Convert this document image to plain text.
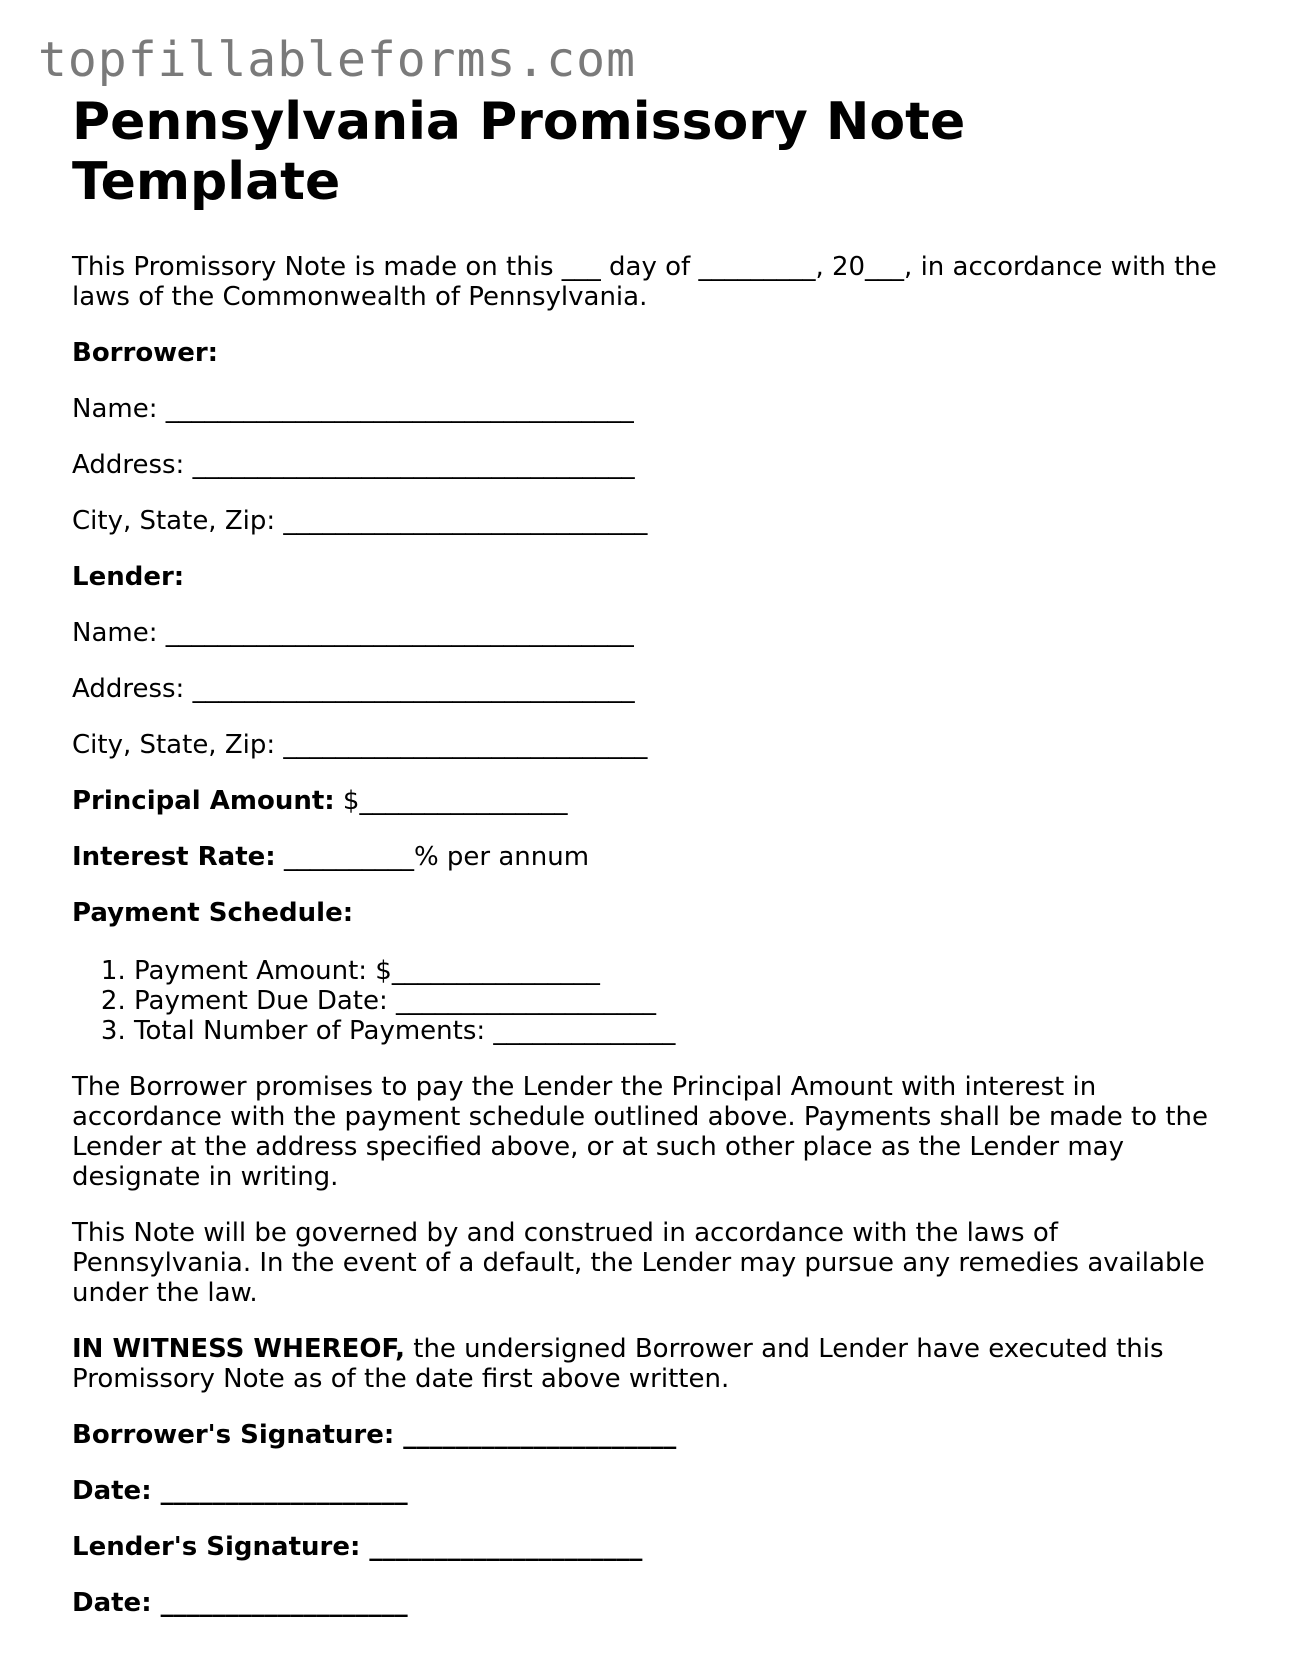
topfillableforms.com
Pennsylvania Promissory Note Template

This Promissory Note is made on this ___ day of _________, 20___, in accordance with the laws of the Commonwealth of Pennsylvania.

Borrower:

Name: ____________________________________

Address: __________________________________

City, State, Zip: ____________________________

Lender:

Name: ____________________________________

Address: __________________________________

City, State, Zip: ____________________________

Principal Amount: $________________

Interest Rate: __________% per annum

Payment Schedule:

1. Payment Amount: $________________
2. Payment Due Date: ____________________
3. Total Number of Payments: ______________

The Borrower promises to pay the Lender the Principal Amount with interest in accordance with the payment schedule outlined above. Payments shall be made to the Lender at the address specified above, or at such other place as the Lender may designate in writing.

This Note will be governed by and construed in accordance with the laws of Pennsylvania. In the event of a default, the Lender may pursue any remedies available under the law.

IN WITNESS WHEREOF, the undersigned Borrower and Lender have executed this Promissory Note as of the date first above written.

Borrower's Signature: _____________________

Date: ___________________

Lender's Signature: _____________________

Date: ___________________
